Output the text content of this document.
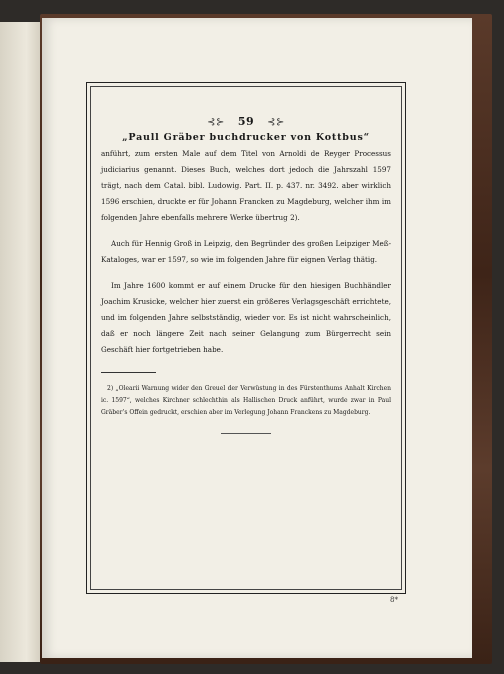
⊰⊱ 59 ⊰⊱
„Paull Gräber buchdrucker von Kottbus“

anführt, zum ersten Male auf dem Titel von Arnoldi de Reyger Processus judiciarius genannt. Dieses Buch, welches dort jedoch die Jahrszahl 1597 trägt, nach dem Catal. bibl. Ludowig. Part. II. p. 437. nr. 3492. aber wirklich 1596 erschien, druckte er für Johann Francken zu Magdeburg, welcher ihm im folgenden Jahre ebenfalls mehrere Werke übertrug 2).

Auch für Hennig Groß in Leipzig, den Begründer des großen Leipziger Meß-Kataloges, war er 1597, so wie im folgenden Jahre für eignen Verlag thätig.

Im Jahre 1600 kommt er auf einem Drucke für den hiesigen Buchhändler Joachim Krusicke, welcher hier zuerst ein größeres Verlagsgeschäft errichtete, und im folgenden Jahre selbstständig, wieder vor. Es ist nicht wahrscheinlich, daß er noch längere Zeit nach seiner Gelangung zum Bürgerrecht sein Geschäft hier fortgetrieben habe.

2) „Olearii Warnung wider den Greuel der Verwüstung in des Fürstenthums Anhalt Kirchen ic. 1597“, welches Kirchner schlechthin als Hallischen Druck anführt, wurde zwar in Paul Gräber’s Offein gedruckt, erschien aber im Verlegung Johann Franckens zu Magdeburg.

8*
